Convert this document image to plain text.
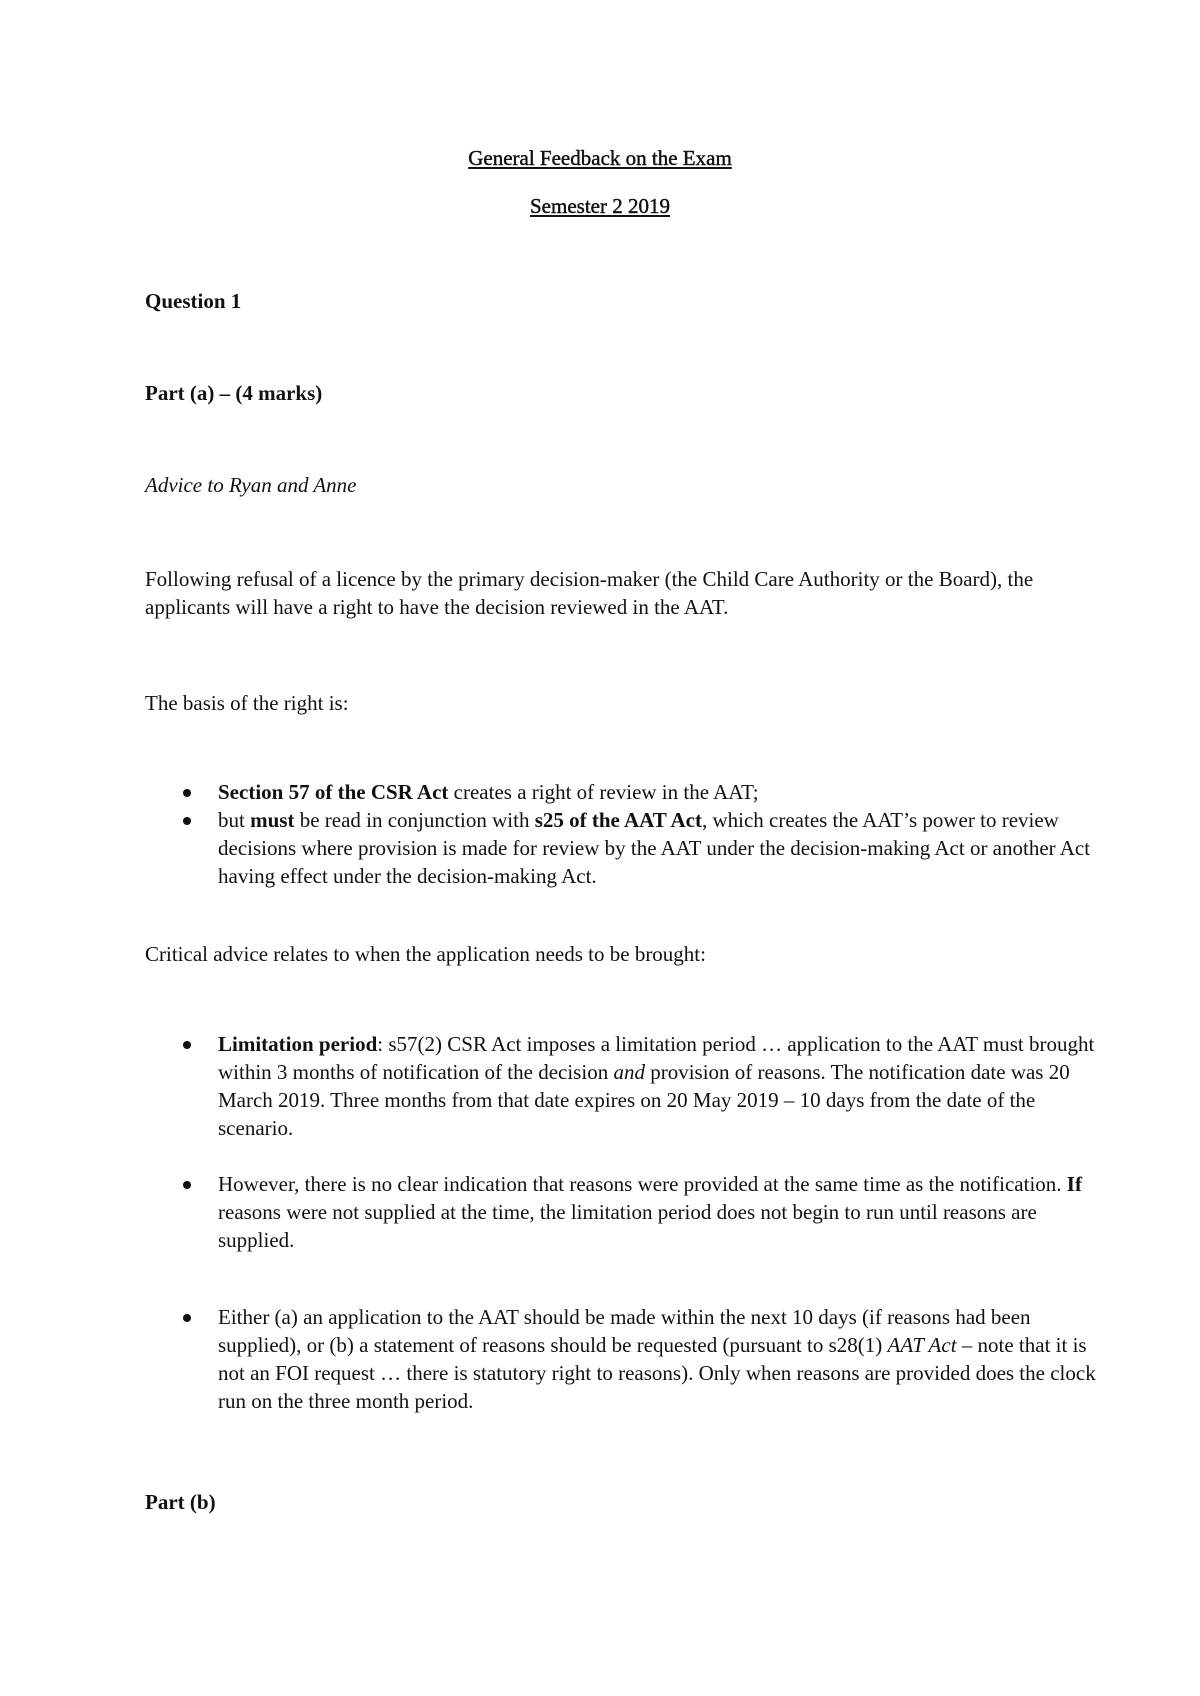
General Feedback on the Exam
Semester 2 2019
Question 1
Part (a) – (4 marks)
Advice to Ryan and Anne
Following refusal of a licence by the primary decision-maker (the Child Care Authority or the Board), the applicants will have a right to have the decision reviewed in the AAT.
The basis of the right is:
Section 57 of the CSR Act creates a right of review in the AAT;
but must be read in conjunction with s25 of the AAT Act, which creates the AAT’s power to review decisions where provision is made for review by the AAT under the decision-making Act or another Act having effect under the decision-making Act.
Critical advice relates to when the application needs to be brought:
Limitation period: s57(2) CSR Act imposes a limitation period … application to the AAT must brought within 3 months of notification of the decision and provision of reasons. The notification date was 20 March 2019. Three months from that date expires on 20 May 2019 – 10 days from the date of the scenario.
However, there is no clear indication that reasons were provided at the same time as the notification. If reasons were not supplied at the time, the limitation period does not begin to run until reasons are supplied.
Either (a) an application to the AAT should be made within the next 10 days (if reasons had been supplied), or (b) a statement of reasons should be requested (pursuant to s28(1) AAT Act – note that it is not an FOI request … there is statutory right to reasons). Only when reasons are provided does the clock run on the three month period.
Part (b)
